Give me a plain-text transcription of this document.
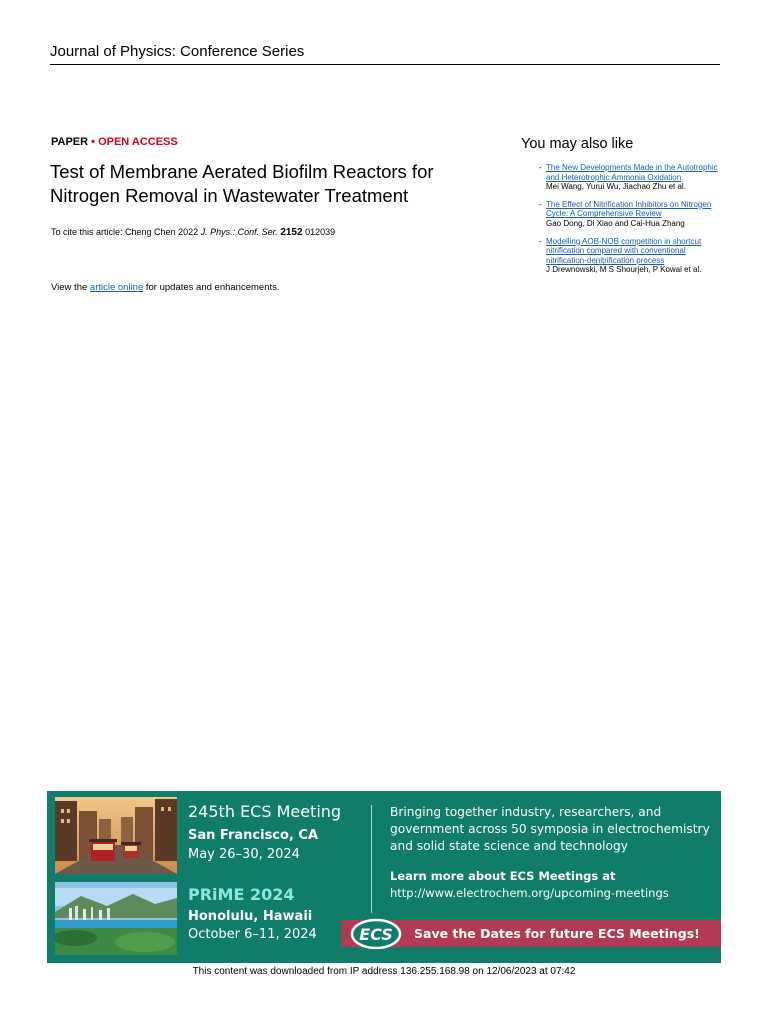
Journal of Physics: Conference Series
PAPER • OPEN ACCESS
Test of Membrane Aerated Biofilm Reactors for Nitrogen Removal in Wastewater Treatment
To cite this article: Cheng Chen 2022 J. Phys.: Conf. Ser. 2152 012039
View the article online for updates and enhancements.
You may also like
- The New Developments Made in the Autotrophic and Heterotrophic Ammonia Oxidation
Mei Wang, Yurui Wu, Jiachao Zhu et al.
- The Effect of Nitrification Inhibitors on Nitrogen Cycle: A Comprehensive Review
Gao Dong, Di Xiao and Cai-Hua Zhang
- Modelling AOB-NOB competition in shortcut nitrification compared with conventional nitrification-denitrification process
J Drewnowski, M S Shourjeh, P Kowal et al.
245th ECS Meeting
San Francisco, CA
May 26–30, 2024
PRiME 2024
Honolulu, Hawaii
October 6–11, 2024
Bringing together industry, researchers, and government across 50 symposia in electrochemistry and solid state science and technology
Learn more about ECS Meetings at
http://www.electrochem.org/upcoming-meetings
ECS Save the Dates for future ECS Meetings!
This content was downloaded from IP address 136.255.168.98 on 12/06/2023 at 07:42
